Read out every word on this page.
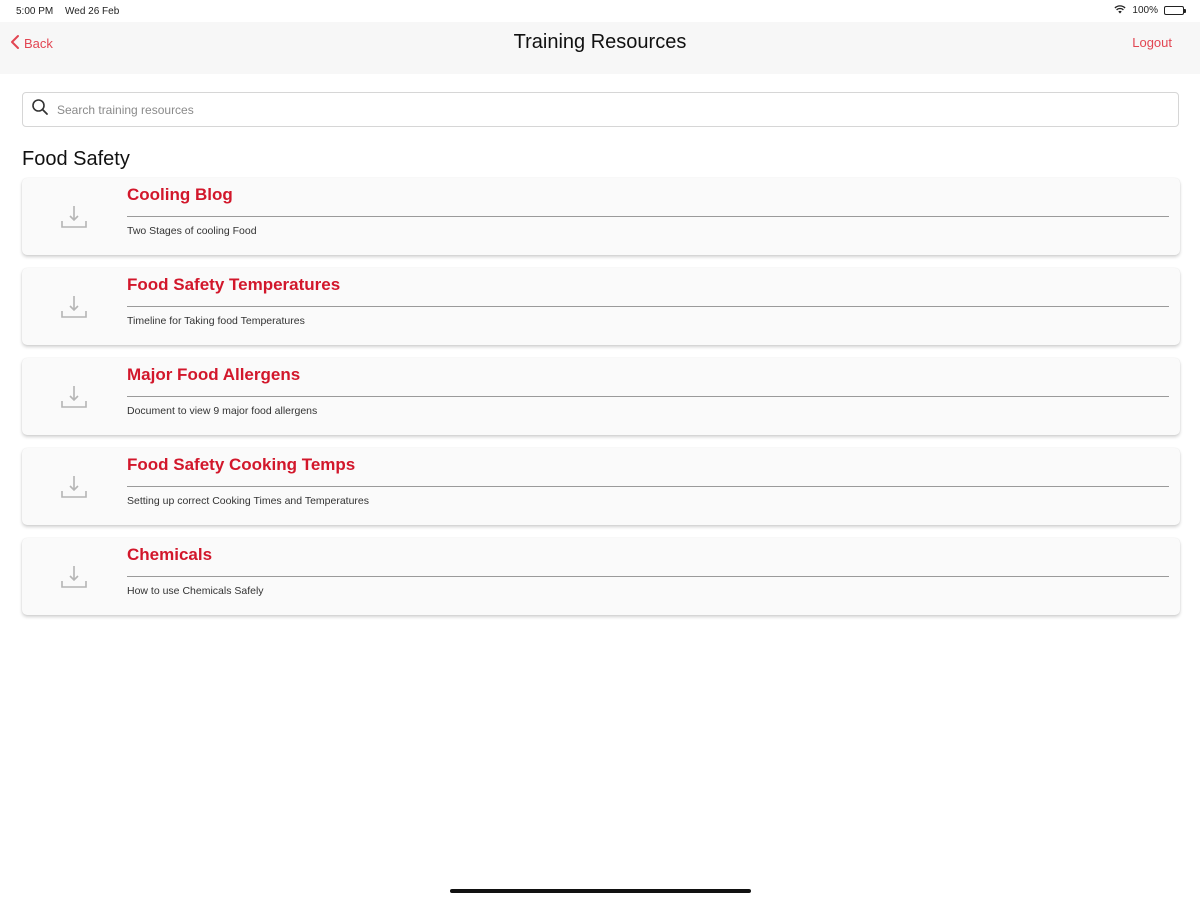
5:00 PM Wed 26 Feb	100%
Back	Training Resources	Logout
Search training resources
Food Safety
Cooling Blog
Two Stages of cooling Food
Food Safety Temperatures
Timeline for Taking food Temperatures
Major Food Allergens
Document to view 9 major food allergens
Food Safety Cooking Temps
Setting up correct Cooking Times and Temperatures
Chemicals
How to use Chemicals Safely
